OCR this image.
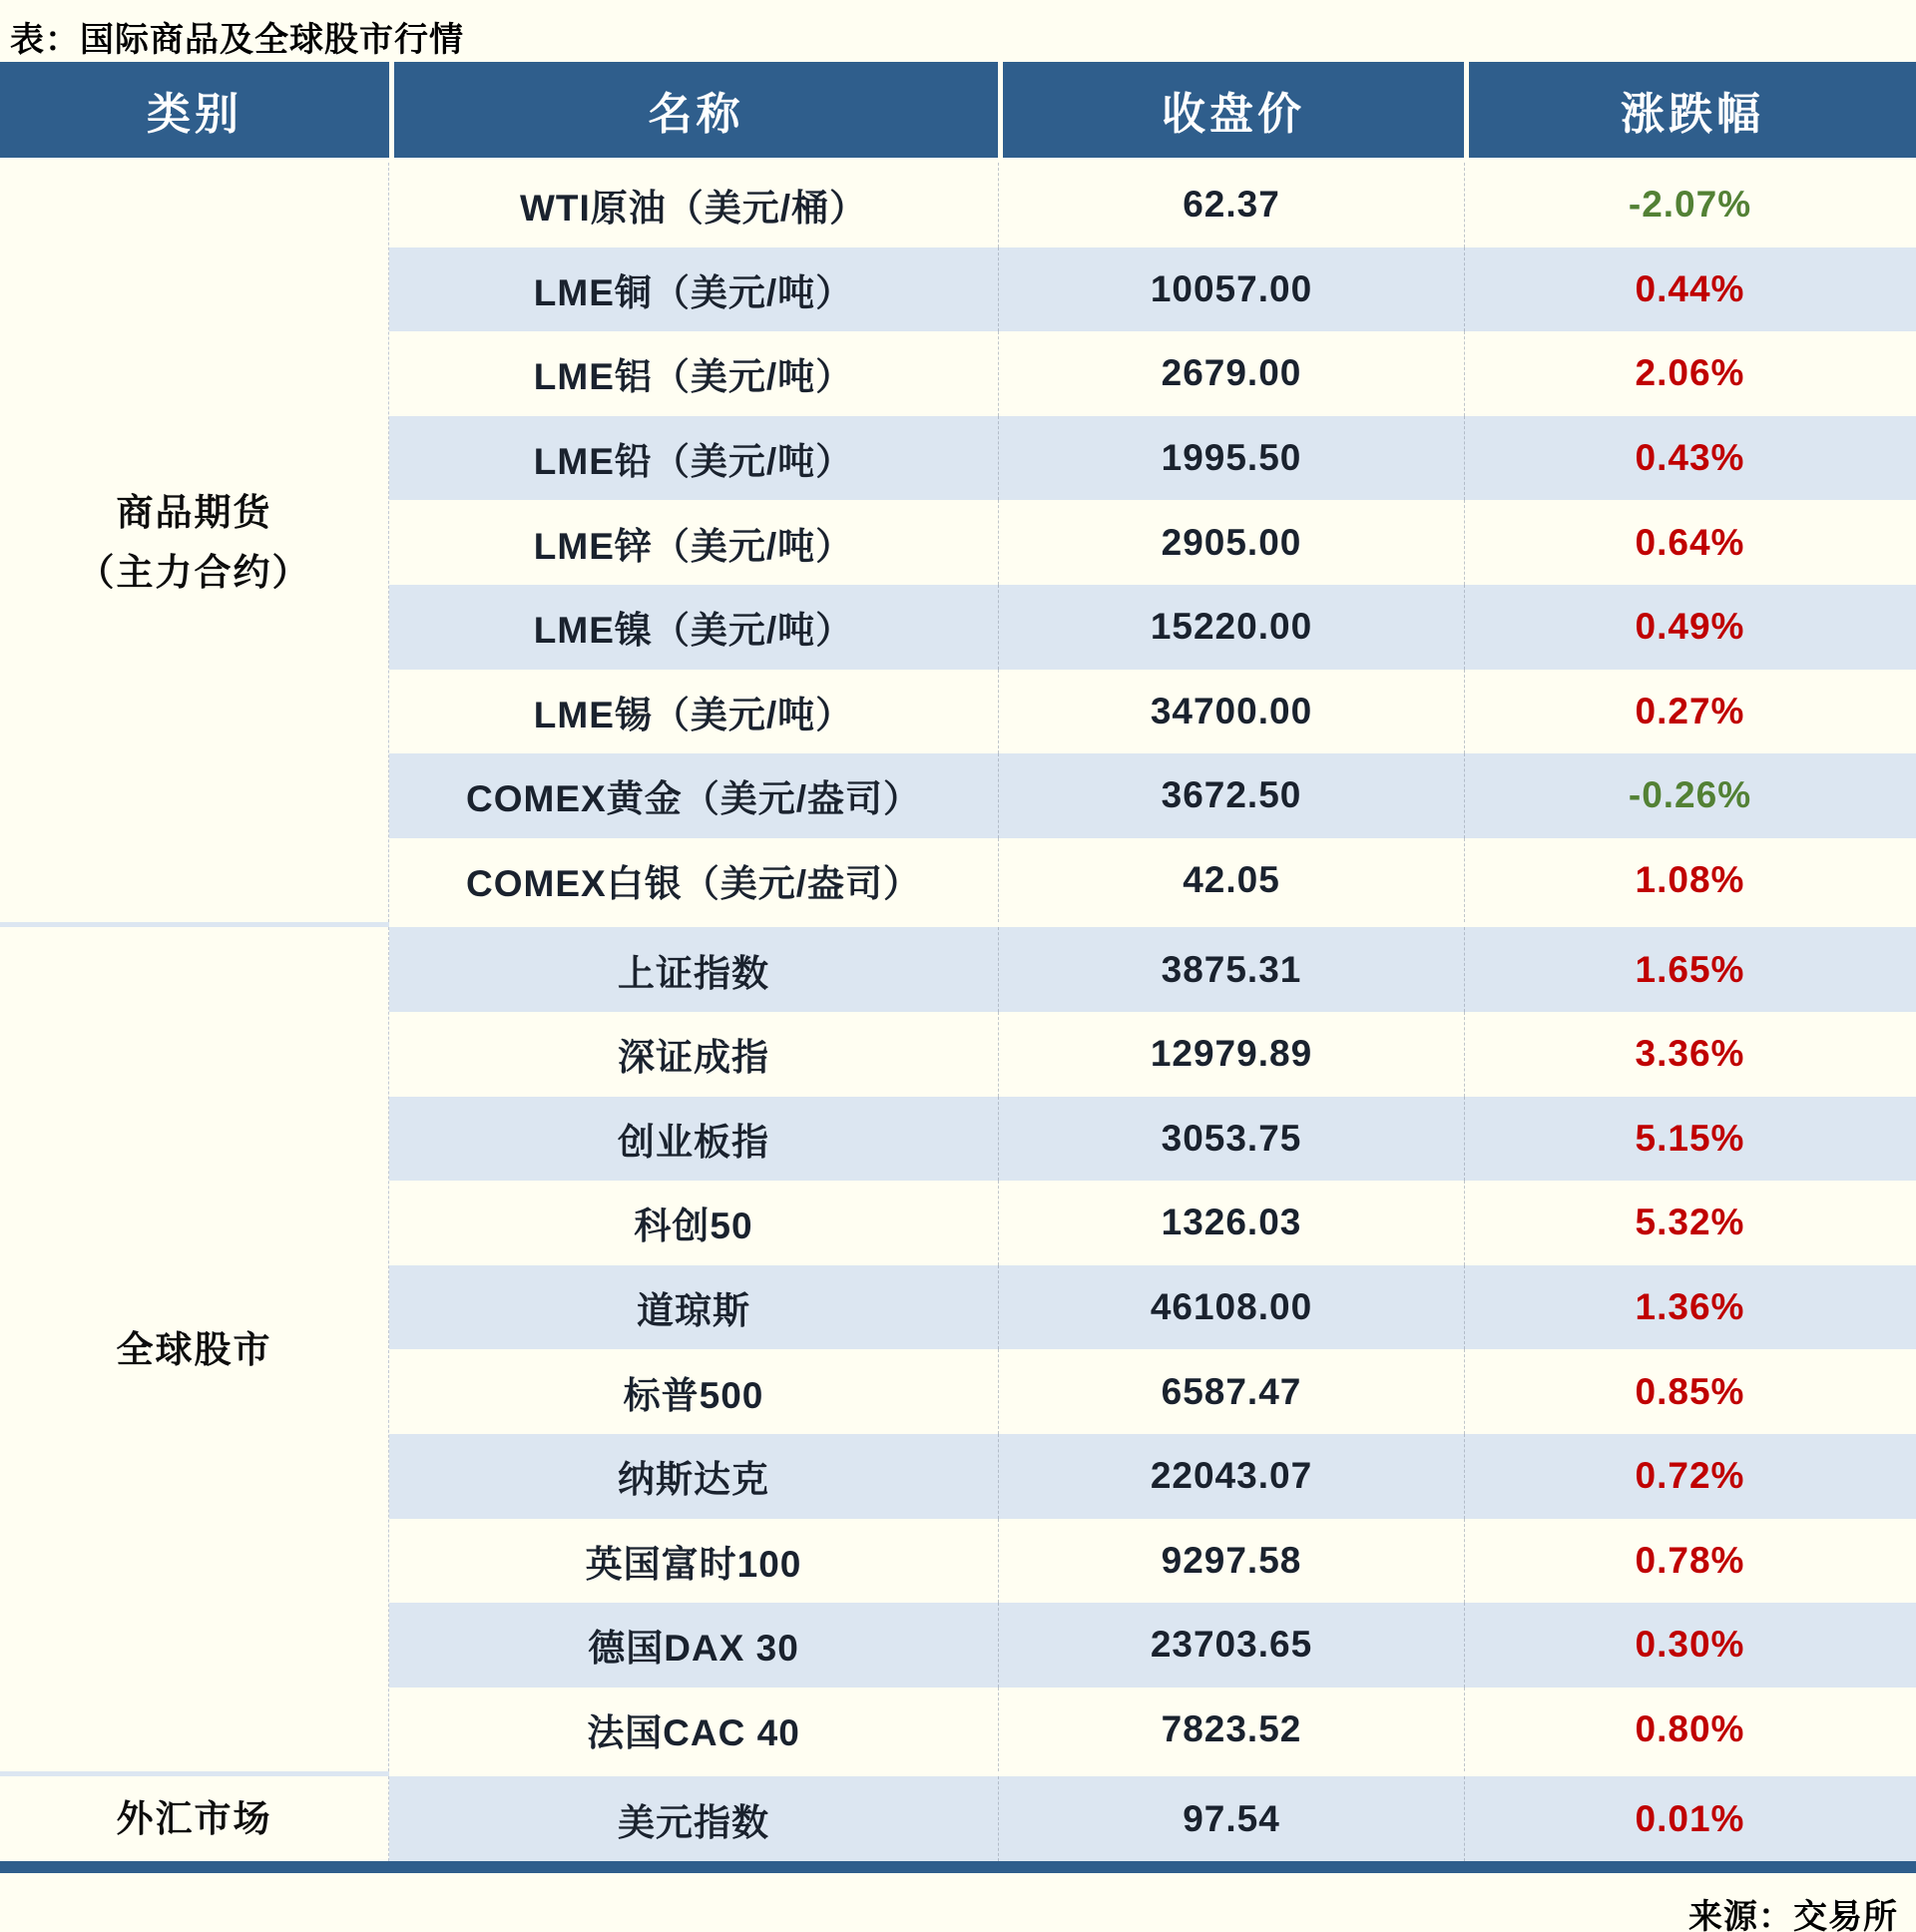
表：国际商品及全球股市行情
类别	名称	收盘价	涨跌幅
商品期货
（主力合约）
WTI原油（美元/桶）	62.37	-2.07%
LME铜（美元/吨）	10057.00	0.44%
LME铝（美元/吨）	2679.00	2.06%
LME铅（美元/吨）	1995.50	0.43%
LME锌（美元/吨）	2905.00	0.64%
LME镍（美元/吨）	15220.00	0.49%
LME锡（美元/吨）	34700.00	0.27%
COMEX黄金（美元/盎司）	3672.50	-0.26%
COMEX白银（美元/盎司）	42.05	1.08%
全球股市
上证指数	3875.31	1.65%
深证成指	12979.89	3.36%
创业板指	3053.75	5.15%
科创50	1326.03	5.32%
道琼斯	46108.00	1.36%
标普500	6587.47	0.85%
纳斯达克	22043.07	0.72%
英国富时100	9297.58	0.78%
德国DAX 30	23703.65	0.30%
法国CAC 40	7823.52	0.80%
外汇市场	美元指数	97.54	0.01%
来源：交易所
